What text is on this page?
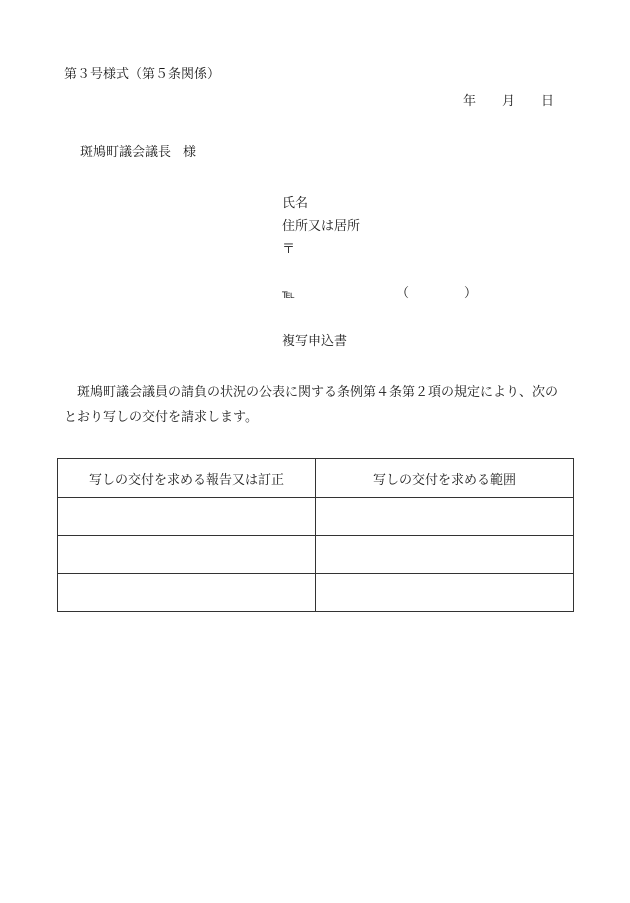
第３号様式（第５条関係）
年 月 日
斑鳩町議会議長 様
氏名
住所又は居所
〒
℡	（	）
複写申込書
斑鳩町議会議員の請負の状況の公表に関する条例第４条第２項の規定により、次の
とおり写しの交付を請求します。
写しの交付を求める報告又は訂正	写しの交付を求める範囲
